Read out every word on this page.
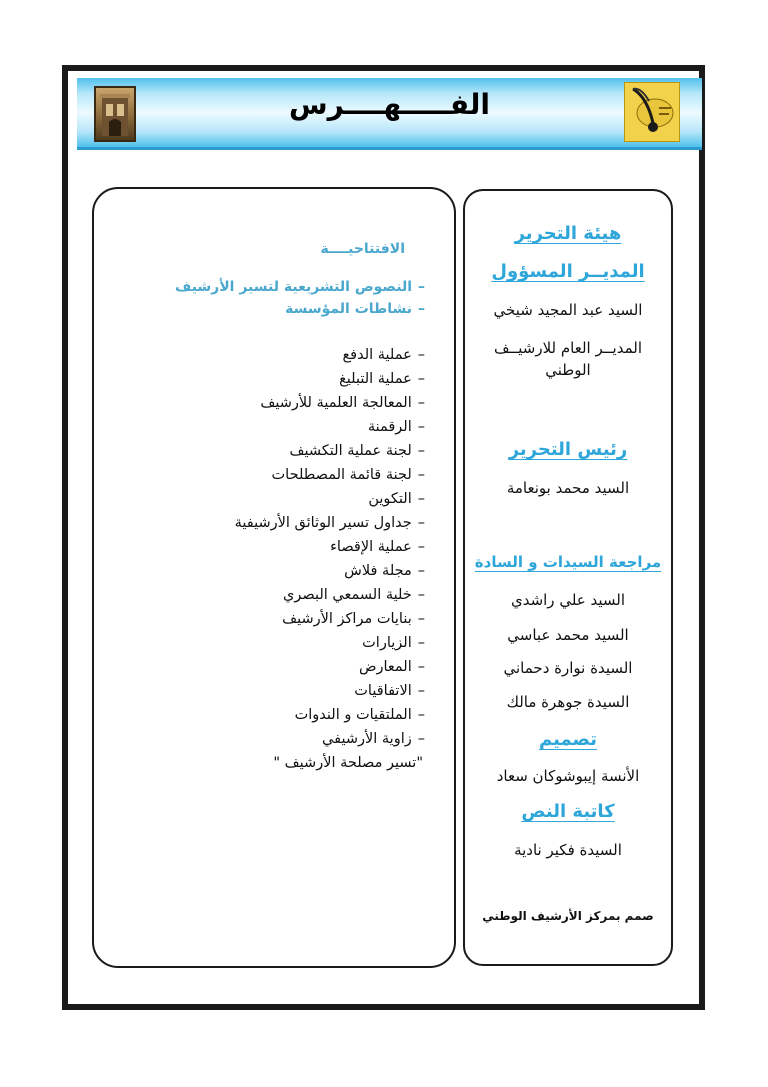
الفـــــهــــرس
الافتتاحيــــة
–النصوص التشريعية لتسير الأرشيف
–نشاطات المؤسسة
–عملية الدفع
–عملية التبليغ
–المعالجة العلمية للأرشيف
–الرقمنة
–لجنة عملية التكشيف
–لجنة قائمة المصطلحات
–التكوين
–جداول تسير الوثائق الأرشيفية
–عملية الإقصاء
–مجلة فلاش
–خلية السمعي البصري
–بنايات مراكز الأرشيف
–الزيارات
–المعارض
–الاتفاقيات
–الملتقيات و الندوات
–زاوية الأرشيفي
"تسير مصلحة الأرشيف "
هيئة التحرير
المديــر المسؤول
السيد عبد المجيد شيخي
المديــر العام للارشيــف
الوطني
رئيس التحرير
السيد محمد بونعامة
مراجعة السيدات و السادة
السيد علي راشدي
السيد محمد عباسي
السيدة نوارة دحماني
السيدة جوهرة مالك
تصميم
الأنسة إيبوشوكان سعاد
كاتبة النص
السيدة فكير نادية
صمم بمركز الأرشيف الوطني
